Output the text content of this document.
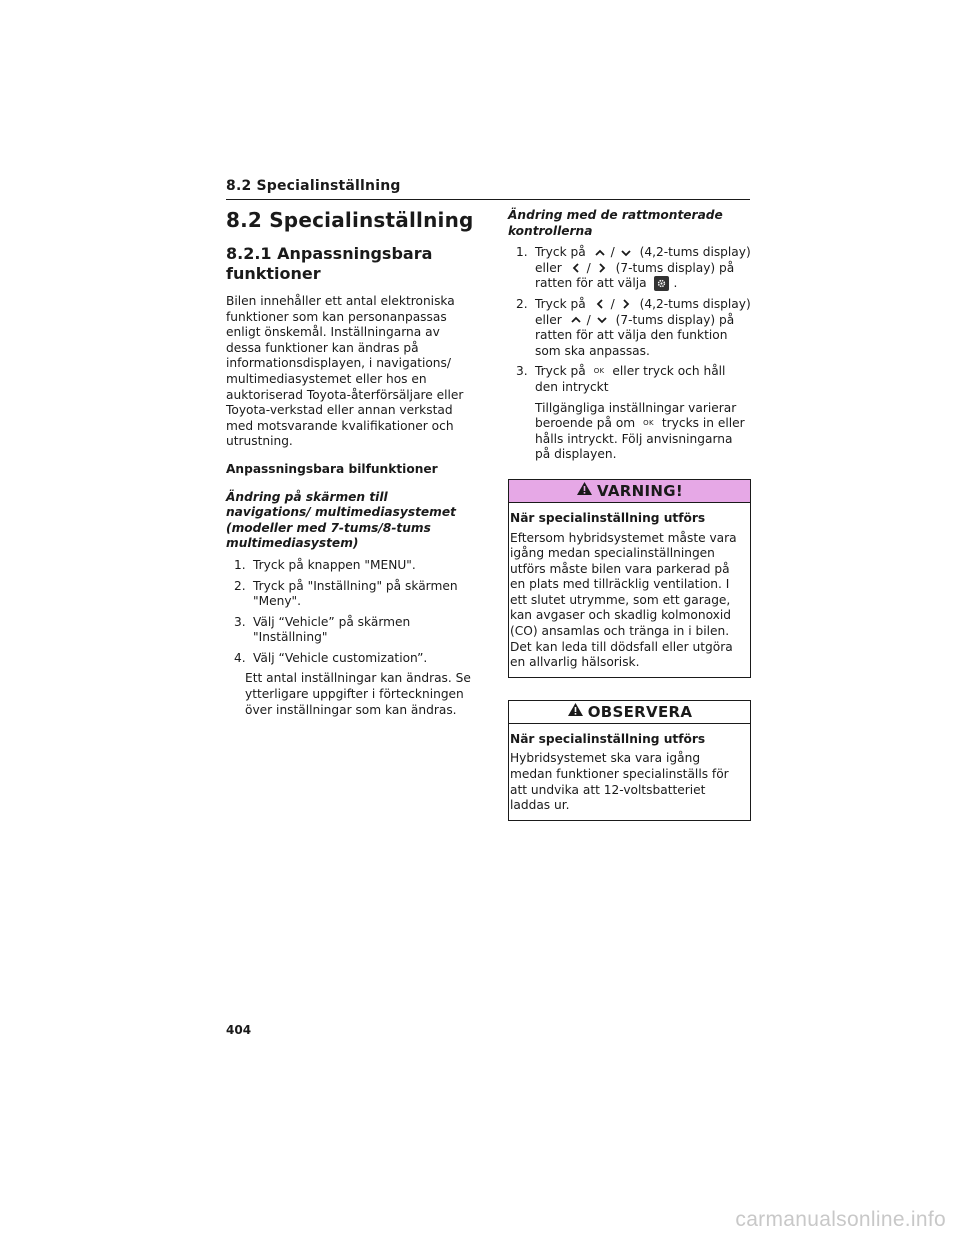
8.2 Specialinställning
8.2 Specialinställning
8.2.1 Anpassningsbara funktioner

Bilen innehåller ett antal elektroniska funktioner som kan personanpassas enligt önskemål. Inställningarna av dessa funktioner kan ändras på informationsdisplayen, i navigations/ multimediasystemet eller hos en auktoriserad Toyota-återförsäljare eller Toyota-verkstad eller annan verkstad med motsvarande kvalifikationer och utrustning.

Anpassningsbara bilfunktioner
Ändring på skärmen till navigations/ multimediasystemet (modeller med 7-tums/8-tums multimediasystem)
1. Tryck på knappen "MENU".
2. Tryck på "Inställning" på skärmen "Meny".
3. Välj “Vehicle” på skärmen "Inställning"
4. Välj “Vehicle customization”.
Ett antal inställningar kan ändras. Se ytterligare uppgifter i förteckningen över inställningar som kan ändras.
Ändring med de rattmonterade kontrollerna
1. Tryck på / (4,2-tums display) eller / (7-tums display) på ratten för att välja .
2. Tryck på / (4,2-tums display) eller / (7-tums display) på ratten för att välja den funktion som ska anpassas.
3. Tryck på OK eller tryck och håll den intryckt
Tillgängliga inställningar varierar beroende på om OK trycks in eller hålls intryckt. Följ anvisningarna på displayen.
VARNING!
När specialinställning utförs

Eftersom hybridsystemet måste vara igång medan specialinställningen utförs måste bilen vara parkerad på en plats med tillräcklig ventilation. I ett slutet utrymme, som ett garage, kan avgaser och skadlig kolmonoxid (CO) ansamlas och tränga in i bilen. Det kan leda till dödsfall eller utgöra en allvarlig hälsorisk.

OBSERVERA
När specialinställning utförs

Hybridsystemet ska vara igång medan funktioner specialinställs för att undvika att 12-voltsbatteriet laddas ur.

404
carmanualsonline.info
